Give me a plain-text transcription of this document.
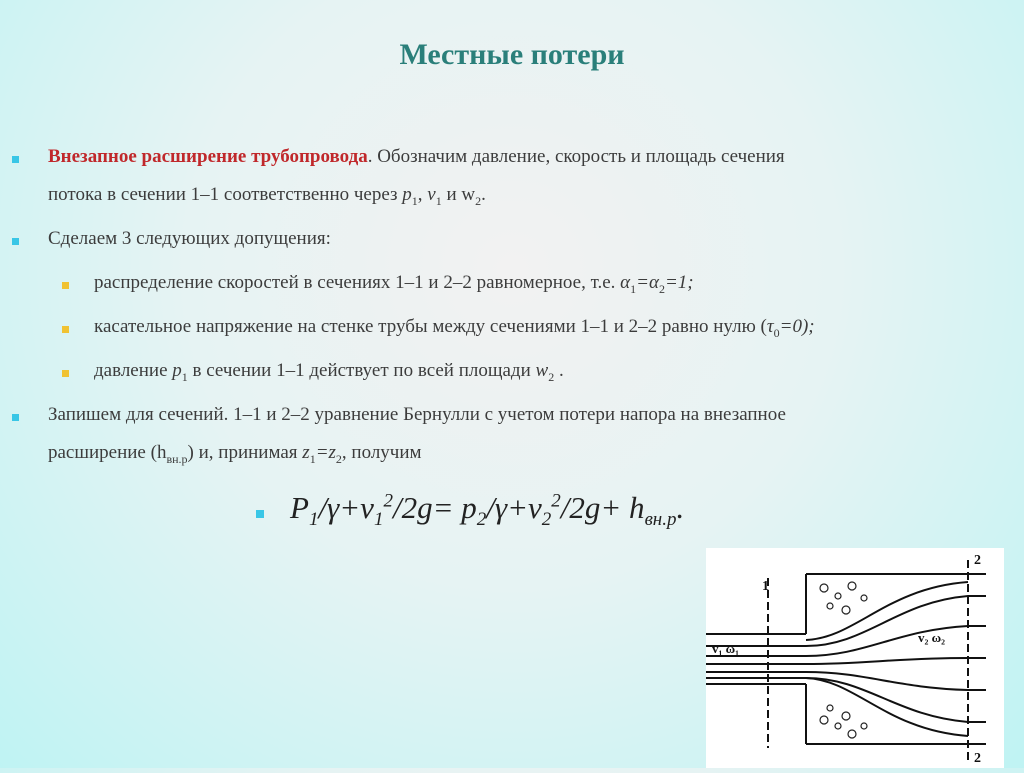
Местные потери
Внезапное расширение трубопровода. Обозначим давление, скорость и площадь сечения
потока в сечении 1–1 соответственно через $p_1$, $v_1$ и $w_2$.
Сделаем 3 следующих допущения:
распределение скоростей в сечениях 1–1 и 2–2 равномерное, т.е. $\alpha_1=\alpha_2=1$;
касательное напряжение на стенке трубы между сечениями 1–1 и 2–2 равно нулю $(\tau_0=0)$;
давление $p_1$ в сечении 1–1 действует по всей площади $w_2$ .
Запишем для сечений. 1–1 и 2–2 уравнение Бернулли с учетом потери напора на внезапное
расширение $(h_{вн.р})$ и, принимая $z_1=z_2$, получим
$P_1/\gamma+v_1^2/2g= p_2/\gamma+v_2^2/2g+ h_{вн.р}$.
v₁ ω₁
v₂ ω₂
1
2
2
